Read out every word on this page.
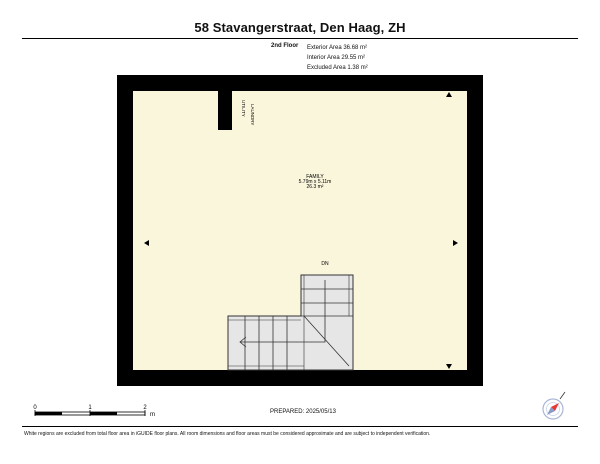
58 Stavangerstraat, Den Haag, ZH
2nd Floor Exterior Area 36.68 m²
Interior Area 29.55 m²
Excluded Area 1.38 m²
DN
FAMILY
5.79m x 5.11m
26.3 m²
UTILITY LAUNDRY
0	1	2
m	PREPARED: 2025/05/13
White regions are excluded from total floor area in iGUIDE floor plans. All room dimensions and floor areas must be considered approximate and are subject to independent verification.
